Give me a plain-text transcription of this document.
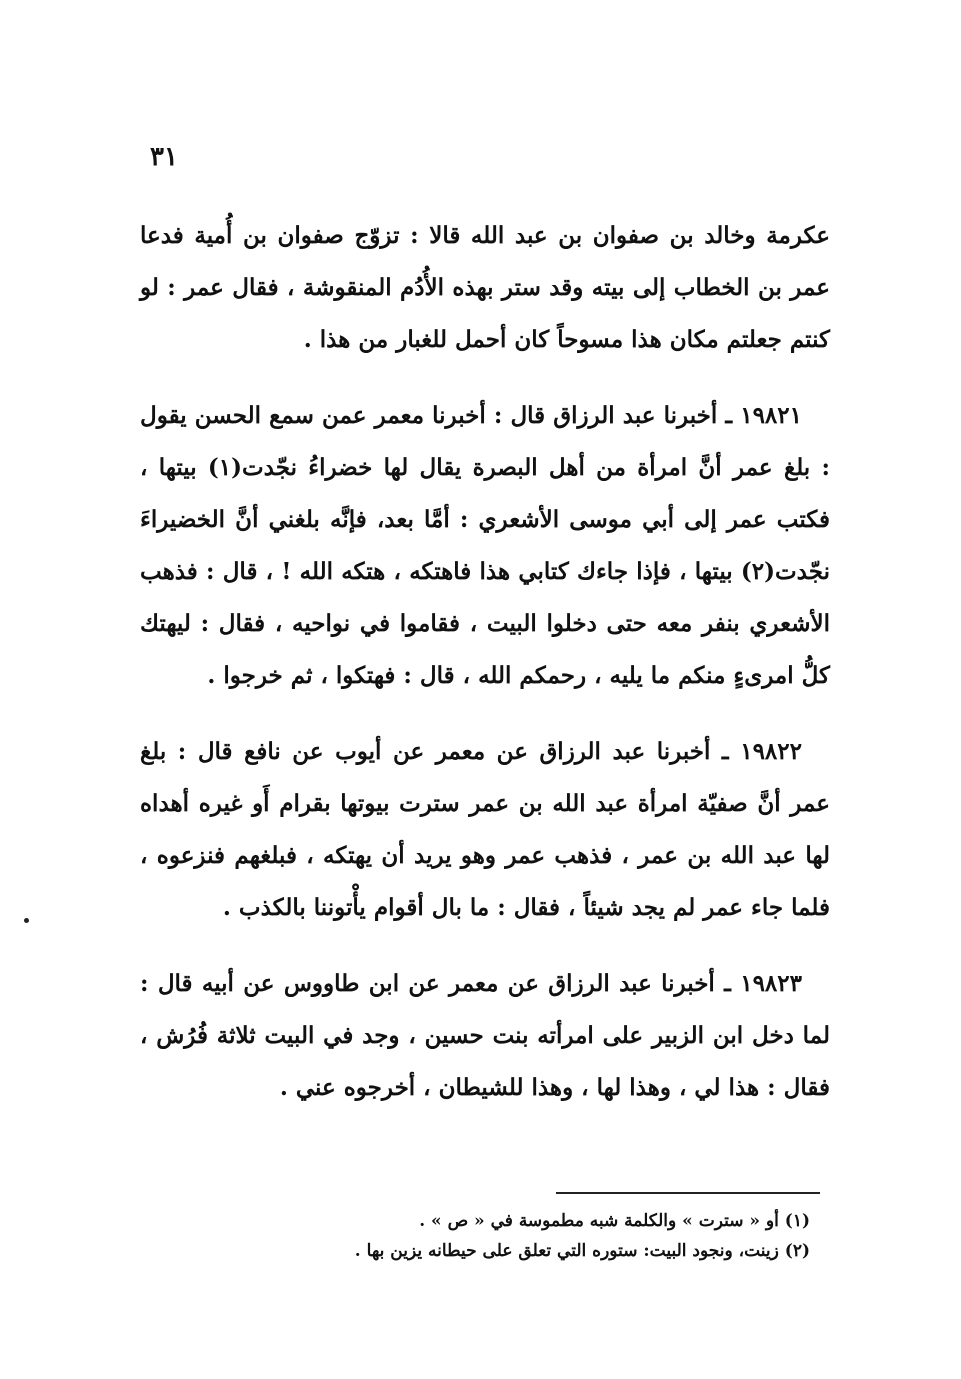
٣١

عكرمة وخالد بن صفوان بن عبد الله قالا : تزوّج صفوان بن أُمية فدعا عمر بن الخطاب إلى بيته وقد ستر بهذه الأُدُم المنقوشة ، فقال عمر : لو كنتم جعلتم مكان هذا مسوحاً كان أحمل للغبار من هذا .

١٩٨٢١ ـ أخبرنا عبد الرزاق قال : أخبرنا معمر عمن سمع الحسن يقول : بلغ عمر أنَّ امرأة من أهل البصرة يقال لها خضراءُ نجّدت(١) بيتها ، فكتب عمر إلى أبي موسى الأشعري : أمَّا بعد، فإنَّه بلغني أنَّ الخضيراءَ نجّدت(٢) بيتها ، فإذا جاءك كتابي هذا فاهتكه ، هتكه الله ! ، قال : فذهب الأشعري بنفر معه حتى دخلوا البيت ، فقاموا في نواحيه ، فقال : ليهتك كلُّ امرىءٍ منكم ما يليه ، رحمكم الله ، قال : فهتكوا ، ثم خرجوا .

١٩٨٢٢ ـ أخبرنا عبد الرزاق عن معمر عن أيوب عن نافع قال : بلغ عمر أنَّ صفيّة امرأة عبد الله بن عمر سترت بيوتها بقرام أَو غيره أهداه لها عبد الله بن عمر ، فذهب عمر وهو يريد أن يهتكه ، فبلغهم فنزعوه ، فلما جاء عمر لم يجد شيئاً ، فقال : ما بال أقوام يأْتوننا بالكذب .

١٩٨٢٣ ـ أخبرنا عبد الرزاق عن معمر عن ابن طاووس عن أبيه قال : لما دخل ابن الزبير على امرأته بنت حسين ، وجد في البيت ثلاثة فُرُش ، فقال : هذا لي ، وهذا لها ، وهذا للشيطان ، أخرجوه عني .

(١) أو « سترت » والكلمة شبه مطموسة في « ص » .

(٢) زينت، ونجود البيت: ستوره التي تعلق على حيطانه يزين بها .
